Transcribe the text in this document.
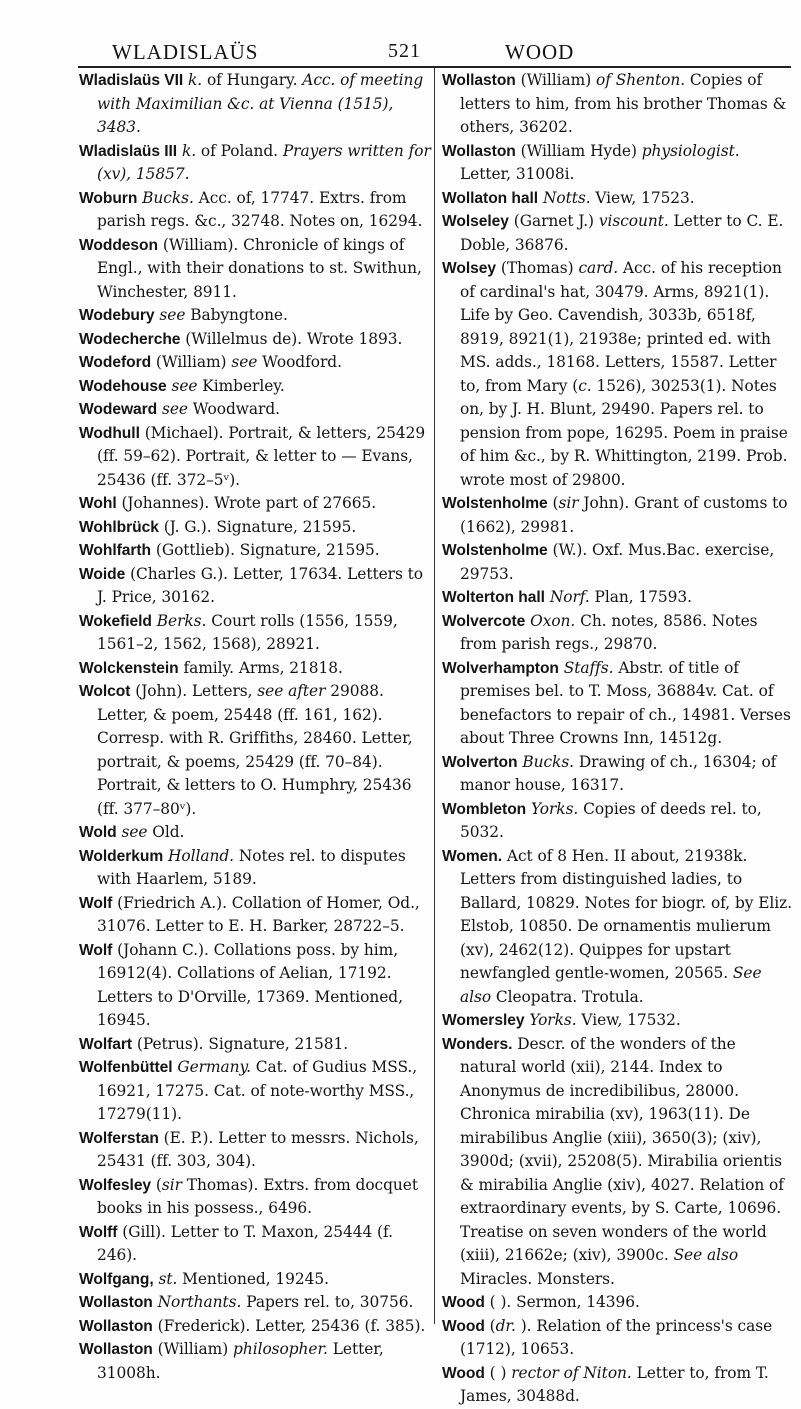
WLADISLAÜS	521	WOOD

Wladislaüs VII k. of Hungary. Acc. of meeting with Maximilian &c. at Vienna (1515), 3483.

Wladislaüs III k. of Poland. Prayers written for (xv), 15857.

Woburn Bucks. Acc. of, 17747. Extrs. from parish regs. &c., 32748. Notes on, 16294.

Woddeson (William). Chronicle of kings of Engl., with their donations to st. Swithun, Winchester, 8911.

Wodebury see Babyngtone.

Wodecherche (Willelmus de). Wrote 1893.

Wodeford (William) see Woodford.

Wodehouse see Kimberley.

Wodeward see Woodward.

Wodhull (Michael). Portrait, & letters, 25429 (ff. 59–62). Portrait, & letter to — Evans, 25436 (ff. 372–5ᵛ).

Wohl (Johannes). Wrote part of 27665.

Wohlbrück (J. G.). Signature, 21595.

Wohlfarth (Gottlieb). Signature, 21595.

Woide (Charles G.). Letter, 17634. Letters to J. Price, 30162.

Wokefield Berks. Court rolls (1556, 1559, 1561–2, 1562, 1568), 28921.

Wolckenstein family. Arms, 21818.

Wolcot (John). Letters, see after 29088. Letter, & poem, 25448 (ff. 161, 162). Corresp. with R. Griffiths, 28460. Letter, portrait, & poems, 25429 (ff. 70–84). Portrait, & letters to O. Humphry, 25436 (ff. 377–80ᵛ).

Wold see Old.

Wolderkum Holland. Notes rel. to disputes with Haarlem, 5189.

Wolf (Friedrich A.). Collation of Homer, Od., 31076. Letter to E. H. Barker, 28722–5.

Wolf (Johann C.). Collations poss. by him, 16912(4). Collations of Aelian, 17192. Letters to D'Orville, 17369. Mentioned, 16945.

Wolfart (Petrus). Signature, 21581.

Wolfenbüttel Germany. Cat. of Gudius MSS., 16921, 17275. Cat. of note-worthy MSS., 17279(11).

Wolferstan (E. P.). Letter to messrs. Nichols, 25431 (ff. 303, 304).

Wolfesley (sir Thomas). Extrs. from docquet books in his possess., 6496.

Wolff (Gill). Letter to T. Maxon, 25444 (f. 246).

Wolfgang, st. Mentioned, 19245.

Wollaston Northants. Papers rel. to, 30756.

Wollaston (Frederick). Letter, 25436 (f. 385).

Wollaston (William) philosopher. Letter, 31008h.

Wollaston (William) of Shenton. Copies of letters to him, from his brother Thomas & others, 36202.

Wollaston (William Hyde) physiologist. Letter, 31008i.

Wollaton hall Notts. View, 17523.

Wolseley (Garnet J.) viscount. Letter to C. E. Doble, 36876.

Wolsey (Thomas) card. Acc. of his reception of cardinal's hat, 30479. Arms, 8921(1). Life by Geo. Cavendish, 3033b, 6518f, 8919, 8921(1), 21938e; printed ed. with MS. adds., 18168. Letters, 15587. Letter to, from Mary (c. 1526), 30253(1). Notes on, by J. H. Blunt, 29490. Papers rel. to pension from pope, 16295. Poem in praise of him &c., by R. Whittington, 2199. Prob. wrote most of 29800.

Wolstenholme (sir John). Grant of customs to (1662), 29981.

Wolstenholme (W.). Oxf. Mus.Bac. exercise, 29753.

Wolterton hall Norf. Plan, 17593.

Wolvercote Oxon. Ch. notes, 8586. Notes from parish regs., 29870.

Wolverhampton Staffs. Abstr. of title of premises bel. to T. Moss, 36884v. Cat. of benefactors to repair of ch., 14981. Verses about Three Crowns Inn, 14512g.

Wolverton Bucks. Drawing of ch., 16304; of manor house, 16317.

Wombleton Yorks. Copies of deeds rel. to, 5032.

Women. Act of 8 Hen. II about, 21938k. Letters from distinguished ladies, to Ballard, 10829. Notes for biogr. of, by Eliz. Elstob, 10850. De ornamentis mulierum (xv), 2462(12). Quippes for upstart newfangled gentle-women, 20565. See also Cleopatra. Trotula.

Womersley Yorks. View, 17532.

Wonders. Descr. of the wonders of the natural world (xii), 2144. Index to Anonymus de incredibilibus, 28000. Chronica mirabilia (xv), 1963(11). De mirabilibus Anglie (xiii), 3650(3); (xiv), 3900d; (xvii), 25208(5). Mirabilia orientis & mirabilia Anglie (xiv), 4027. Relation of extraordinary events, by S. Carte, 10696. Treatise on seven wonders of the world (xiii), 21662e; (xiv), 3900c. See also Miracles. Monsters.

Wood ( ). Sermon, 14396.

Wood (dr. ). Relation of the princess's case (1712), 10653.

Wood ( ) rector of Niton. Letter to, from T. James, 30488d.
